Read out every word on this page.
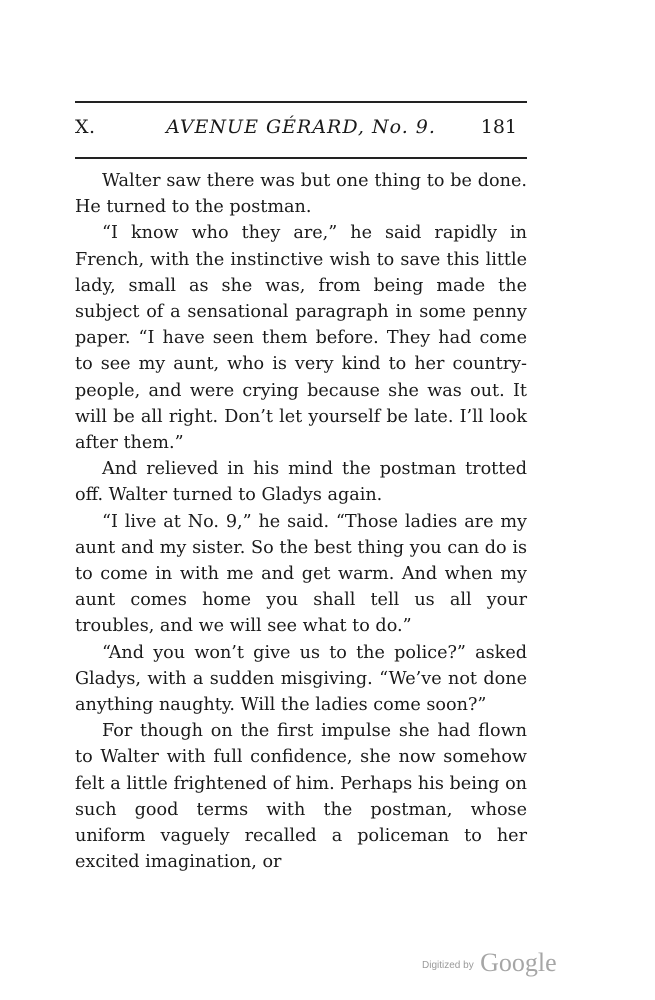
X.	AVENUE GÉRARD, No. 9.	181

Walter saw there was but one thing to be done. He turned to the postman.

“I know who they are,” he said rapidly in French, with the instinctive wish to save this little lady, small as she was, from being made the subject of a sensational paragraph in some penny paper. “I have seen them before. They had come to see my aunt, who is very kind to her country-people, and were crying because she was out. It will be all right. Don’t let yourself be late. I’ll look after them.”

And relieved in his mind the postman trotted off. Walter turned to Gladys again.

“I live at No. 9,” he said. “Those ladies are my aunt and my sister. So the best thing you can do is to come in with me and get warm. And when my aunt comes home you shall tell us all your troubles, and we will see what to do.”

“And you won’t give us to the police?” asked Gladys, with a sudden misgiving. “We’ve not done anything naughty. Will the ladies come soon?”

For though on the first impulse she had flown to Walter with full confidence, she now somehow felt a little frightened of him. Perhaps his being on such good terms with the postman, whose uniform vaguely recalled a policeman to her excited imagination, or

Digitized by Google
